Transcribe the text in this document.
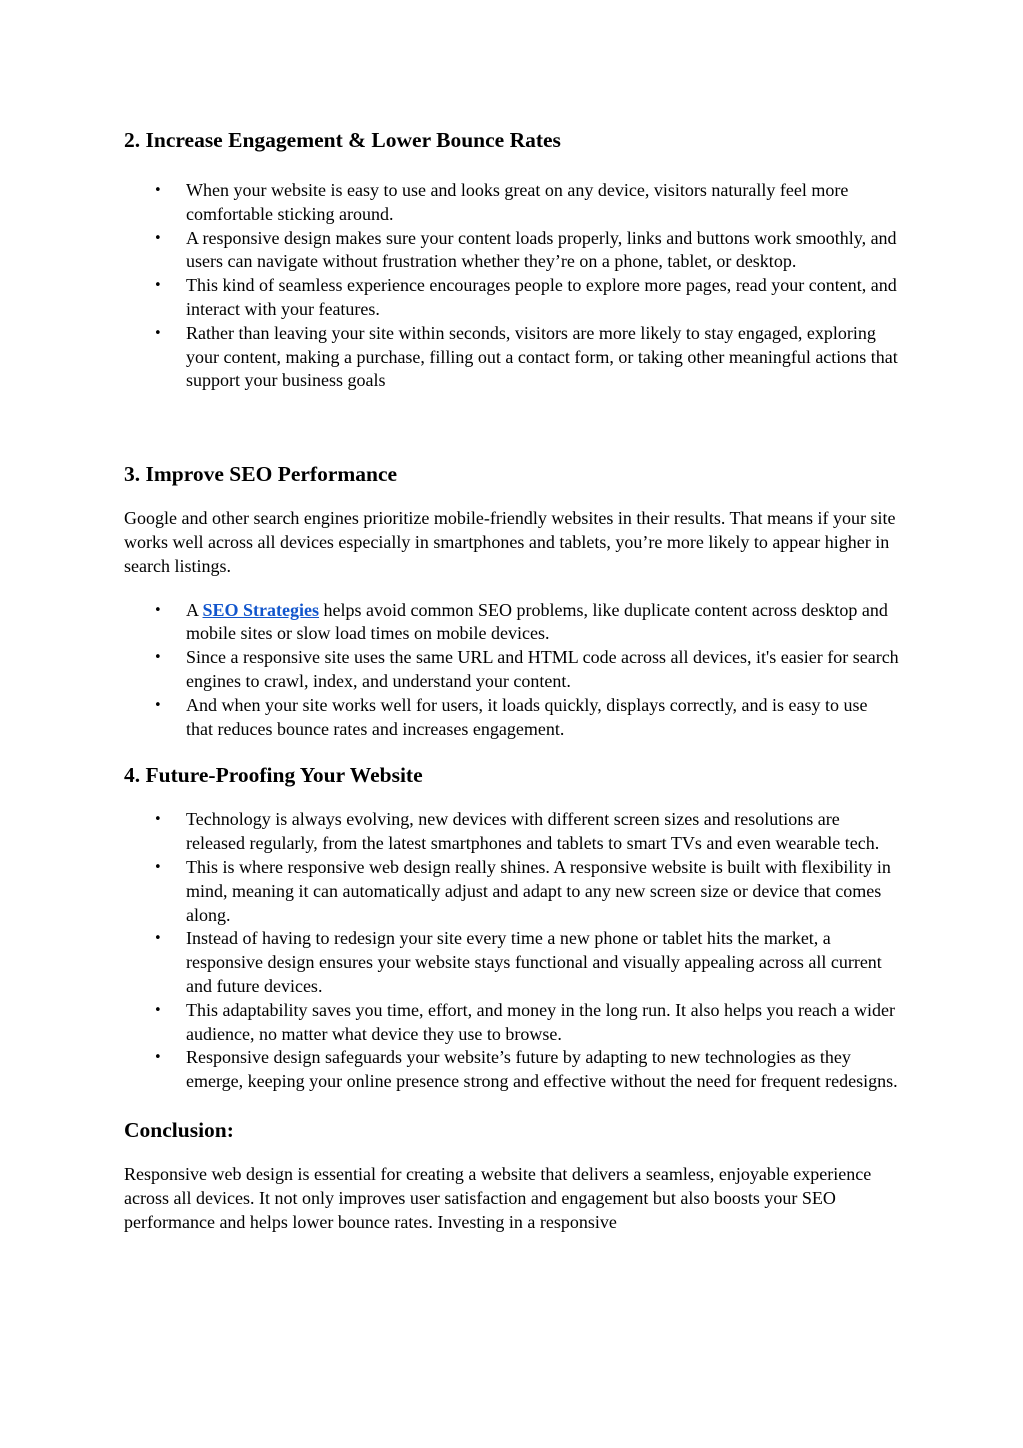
2. Increase Engagement & Lower Bounce Rates
• When your website is easy to use and looks great on any device, visitors naturally feel more comfortable sticking around.
• A responsive design makes sure your content loads properly, links and buttons work smoothly, and users can navigate without frustration whether they’re on a phone, tablet, or desktop.
• This kind of seamless experience encourages people to explore more pages, read your content, and interact with your features.
• Rather than leaving your site within seconds, visitors are more likely to stay engaged, exploring your content, making a purchase, filling out a contact form, or taking other meaningful actions that support your business goals
3. Improve SEO Performance

Google and other search engines prioritize mobile-friendly websites in their results. That means if your site works well across all devices especially in smartphones and tablets, you’re more likely to appear higher in search listings.

• A SEO Strategies helps avoid common SEO problems, like duplicate content across desktop and mobile sites or slow load times on mobile devices.
• Since a responsive site uses the same URL and HTML code across all devices, it's easier for search engines to crawl, index, and understand your content.
• And when your site works well for users, it loads quickly, displays correctly, and is easy to use that reduces bounce rates and increases engagement.
4. Future-Proofing Your Website
• Technology is always evolving, new devices with different screen sizes and resolutions are released regularly, from the latest smartphones and tablets to smart TVs and even wearable tech.
• This is where responsive web design really shines. A responsive website is built with flexibility in mind, meaning it can automatically adjust and adapt to any new screen size or device that comes along.
• Instead of having to redesign your site every time a new phone or tablet hits the market, a responsive design ensures your website stays functional and visually appealing across all current and future devices.
• This adaptability saves you time, effort, and money in the long run. It also helps you reach a wider audience, no matter what device they use to browse.
• Responsive design safeguards your website’s future by adapting to new technologies as they emerge, keeping your online presence strong and effective without the need for frequent redesigns.
Conclusion:

Responsive web design is essential for creating a website that delivers a seamless, enjoyable experience across all devices. It not only improves user satisfaction and engagement but also boosts your SEO performance and helps lower bounce rates. Investing in a responsive
